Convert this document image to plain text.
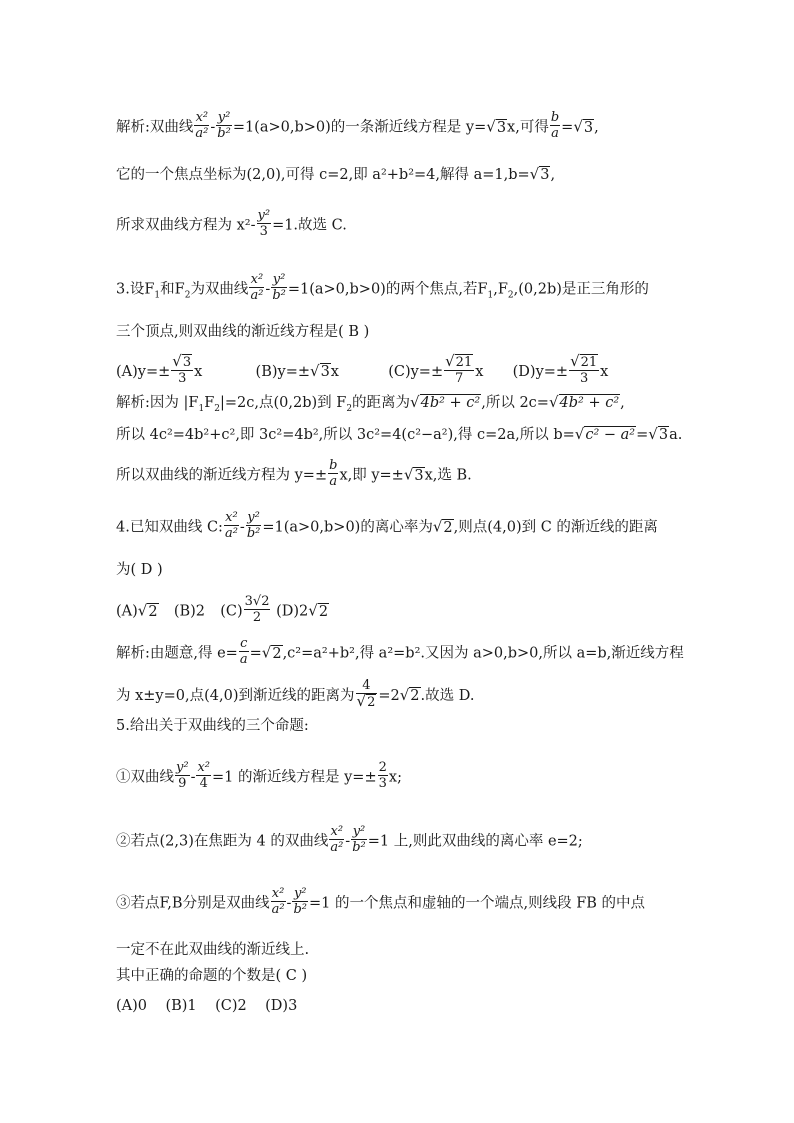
解析:双曲线 $\frac{\text{x²}}{\text{a²}} - \frac{\text{y²}}{\text{b²}} =1(a>0,b>0)$的一条渐近线方程是 y=√3x,可得 $\frac{b}{a} =√3$,
它的一个焦点坐标为(2,0),可得 c=2,即 a²+b²=4,解得 a=1,b=√3,
所求双曲线方程为 $x^2- \frac{\text{y²}}{3} =1$.故选 C.
3.设$F_1$和$F_2$为双曲线 $\frac{\text{x²}}{\text{a²}} - \frac{\text{y²}}{\text{b²}} =1(a>0,b>0)$的两个焦点,若$F_1,F_2,(0,2b)$是正三角形的
三个顶点,则双曲线的渐近线方程是( B )
$(A)y=\pm \frac{√3}{3}$ x	(B)y=±√3x	$(C)y=\pm \frac{√21}{7}$ x $(D)y=\pm \frac{√21}{3}$ x
解析:因为 $|F_1F_2|=2c$,点(0,2b)到 $F_2$的距离为√4b² + c²,所以 2c=√4b² + c²,
所以 4c²=4b²+c²,即 3c²=4b²,所以 3c²=4(c²−a²),得 c=2a,所以 b=√c² − a²=√3a.
所以双曲线的渐近线方程为 $y=\pm \frac{b}{a} x$,即 y=±√3x,选 B.
4.已知双曲线 C: $\frac{\text{x²}}{\text{a²}} - \frac{\text{y²}}{\text{b²}} =1(a>0,b>0)$的离心率为√2,则点(4,0)到 C 的渐近线的距离
为( D )
(A)√2 (B)2 $(C) \frac{3√2}{2} (D)2√2$
解析:由题意,得 $e= \frac{c}{a} =√2,c^2=a^2+b^2$,得 a²=b².又因为 a>0,b>0,所以 a=b,渐近线方程
为 x±y=0,点(4,0)到渐近线的距离为 $\frac{4}{√2} =2√2$.故选 D.
5.给出关于双曲线的三个命题:
①双曲线 $\frac{\text{y²}}{9} - \frac{\text{x²}}{4} =1$ 的渐近线方程是 $y=\pm \frac{2}{3} x$;
②若点(2,3)在焦距为 4 的双曲线 $\frac{\text{x²}}{\text{a²}} - \frac{\text{y²}}{\text{b²}} =1$ 上,则此双曲线的离心率 e=2;
③若点F,B分别是双曲线 $\frac{\text{x²}}{\text{a²}} - \frac{\text{y²}}{\text{b²}} =1$ 的一个焦点和虚轴的一个端点,则线段 FB 的中点
一定不在此双曲线的渐近线上.
其中正确的命题的个数是( C )
(A)0    (B)1    (C)2    (D)3
